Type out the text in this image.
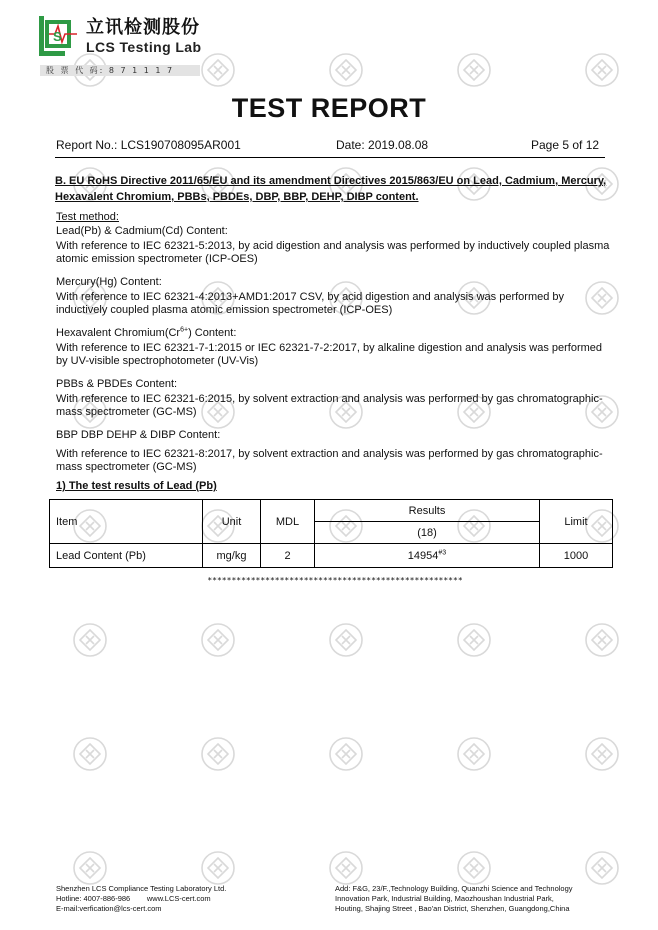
S 立讯检测股份
LCS Testing Lab
股 票 代 码: 8 7 1 1 1 7
TEST REPORT
Report No.: LCS190708095AR001	Date: 2019.08.08	Page 5 of 12
B. EU RoHS Directive 2011/65/EU and its amendment Directives 2015/863/EU on Lead, Cadmium, Mercury, Hexavalent Chromium, PBBs, PBDEs, DBP, BBP, DEHP, DIBP content.
Test method:
Lead(Pb) & Cadmium(Cd) Content:
With reference to IEC 62321-5:2013, by acid digestion and analysis was performed by inductively coupled plasma atomic emission spectrometer (ICP-OES)
Mercury(Hg) Content:
With reference to IEC 62321-4:2013+AMD1:2017 CSV, by acid digestion and analysis was performed by inductively coupled plasma atomic emission spectrometer (ICP-OES)
Hexavalent $Chromium(Cr^{6+})$ Content:
With reference to IEC 62321-7-1:2015 or IEC 62321-7-2:2017, by alkaline digestion and analysis was performed by UV-visible spectrophotometer (UV-Vis)
PBBs & PBDEs Content:
With reference to IEC 62321-6:2015, by solvent extraction and analysis was performed by gas chromatographic-mass spectrometer (GC-MS)
BBP DBP DEHP & DIBP Content:
With reference to IEC 62321-8:2017, by solvent extraction and analysis was performed by gas chromatographic-mass spectrometer (GC-MS)
1) The test results of Lead (Pb)
Item	Unit	MDL	Results	Limit
			(18)	
Lead Content (Pb)	mg/kg	2	14954$^{\#3}$	1000
*****************************************************
Shenzhen LCS Compliance Testing Laboratory Ltd.
Hotline: 4007-886-986        www.LCS-cert.com
E-mail:verfication@lcs-cert.com
Add: F&G, 23/F.,Technology Building, Quanzhi Science and Technology
Innovation Park, Industrial Building, Maozhoushan Industrial Park,
Houting, Shajing Street , Bao'an District, Shenzhen, Guangdong,China
